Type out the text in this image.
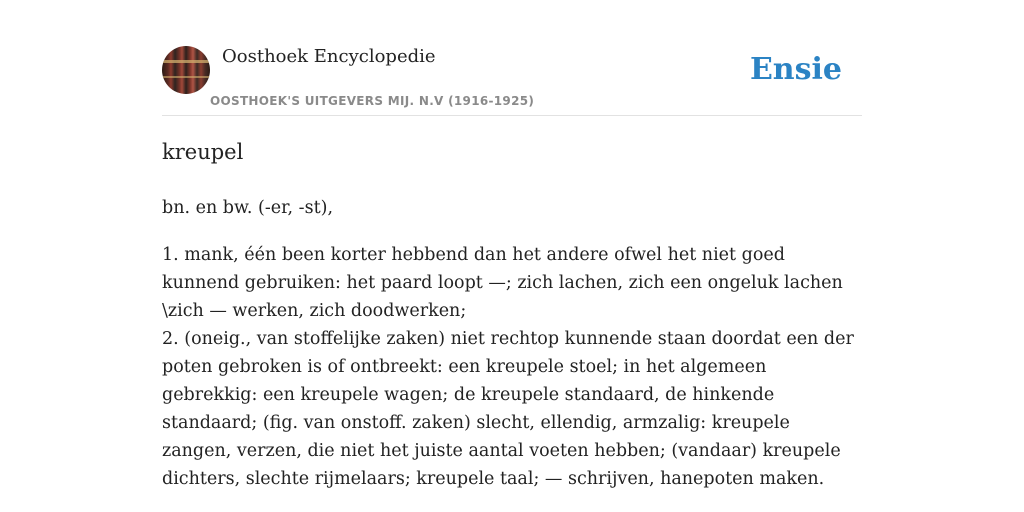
Oosthoek Encyclopedie
OOSTHOEK'S UITGEVERS MIJ. N.V (1916-1925)
Ensie
kreupel

bn. en bw. (-er, -st),

1. mank, één been korter hebbend dan het andere ofwel het niet goed kunnend gebruiken: het paard loopt —; zich lachen, zich een ongeluk lachen \zich — werken, zich doodwerken;

2. (oneig., van stoffelijke zaken) niet rechtop kunnende staan doordat een der poten gebroken is of ontbreekt: een kreupele stoel; in het algemeen gebrekkig: een kreupele wagen; de kreupele standaard, de hinkende standaard; (fig. van onstoff. zaken) slecht, ellendig, armzalig: kreupele zangen, verzen, die niet het juiste aantal voeten hebben; (vandaar) kreupele dichters, slechte rijmelaars; kreupele taal; — schrijven, hanepoten maken.
